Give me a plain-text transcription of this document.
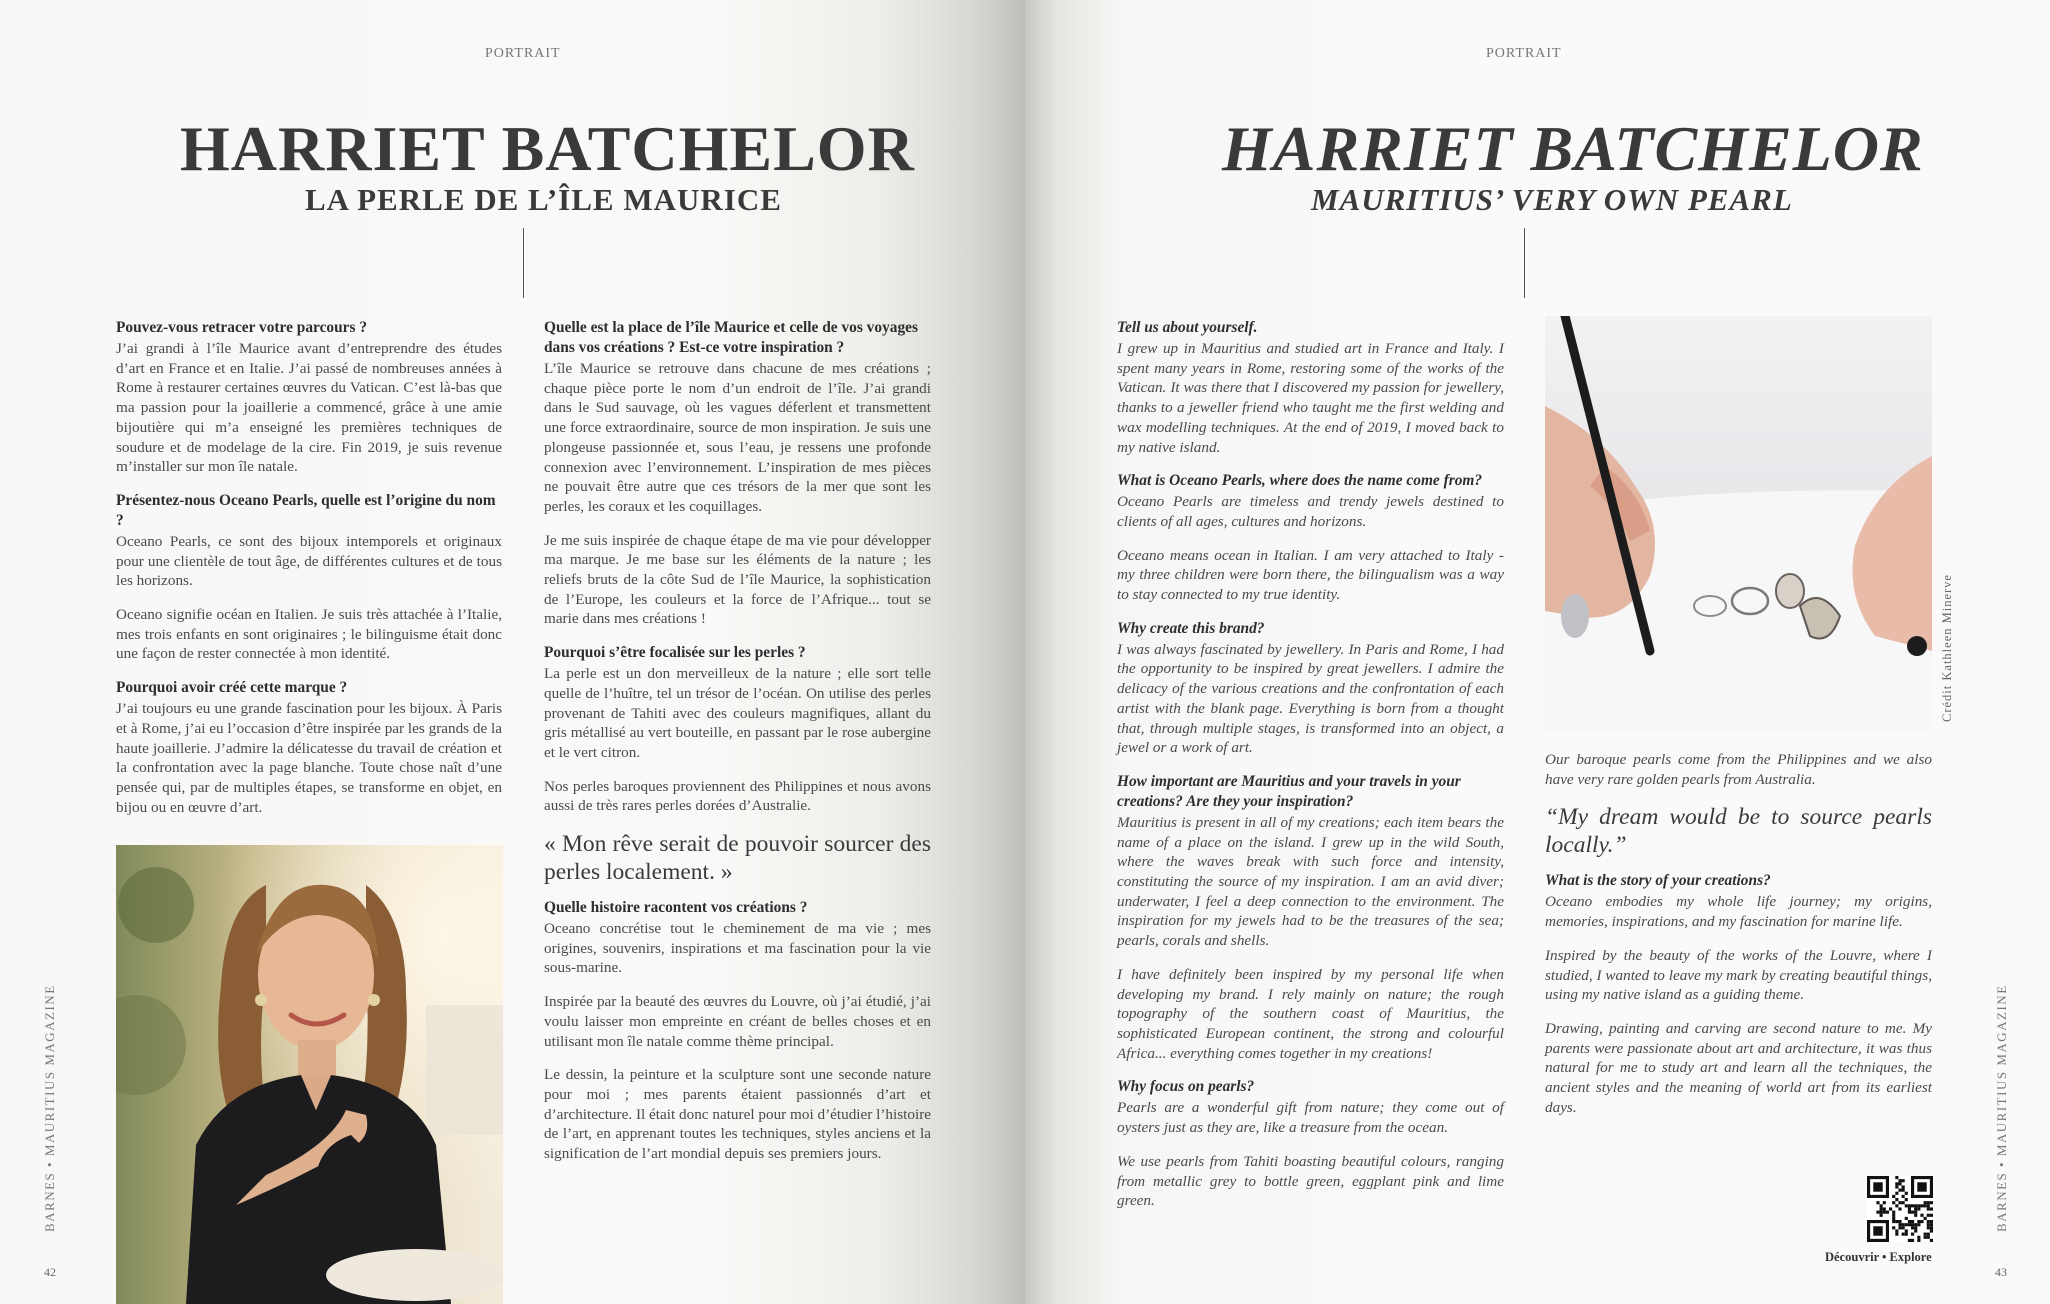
PORTRAIT
HARRIET BATCHELOR
LA PERLE DE L’ÎLE MAURICE
Pouvez-vous retracer votre parcours ?

J’ai grandi à l’île Maurice avant d’entreprendre des études d’art en France et en Italie. J’ai passé de nombreuses années à Rome à restaurer certaines œuvres du Vatican. C’est là-bas que ma passion pour la joaillerie a commencé, grâce à une amie bijoutière qui m’a enseigné les premières techniques de soudure et de modelage de la cire. Fin 2019, je suis revenue m’installer sur mon île natale.

Présentez-nous Oceano Pearls, quelle est l’origine du nom ?

Oceano Pearls, ce sont des bijoux intemporels et originaux pour une clientèle de tout âge, de différentes cultures et de tous les horizons.

Oceano signifie océan en Italien. Je suis très attachée à l’Italie, mes trois enfants en sont originaires ; le bilinguisme était donc une façon de rester connectée à mon identité.

Pourquoi avoir créé cette marque ?

J’ai toujours eu une grande fascination pour les bijoux. À Paris et à Rome, j’ai eu l’occasion d’être inspirée par les grands de la haute joaillerie. J’admire la délicatesse du travail de création et la confrontation avec la page blanche. Toute chose naît d’une pensée qui, par de multiples étapes, se transforme en objet, en bijou ou en œuvre d’art.

Quelle est la place de l’île Maurice et celle de vos voyages dans vos créations ? Est-ce votre inspiration ?

L’île Maurice se retrouve dans chacune de mes créations ; chaque pièce porte le nom d’un endroit de l’île. J’ai grandi dans le Sud sauvage, où les vagues déferlent et transmettent une force extraordinaire, source de mon inspiration. Je suis une plongeuse passionnée et, sous l’eau, je ressens une profonde connexion avec l’environnement. L’inspiration de mes pièces ne pouvait être autre que ces trésors de la mer que sont les perles, les coraux et les coquillages.

Je me suis inspirée de chaque étape de ma vie pour développer ma marque. Je me base sur les éléments de la nature ; les reliefs bruts de la côte Sud de l’île Maurice, la sophistication de l’Europe, les couleurs et la force de l’Afrique... tout se marie dans mes créations !

Pourquoi s’être focalisée sur les perles ?

La perle est un don merveilleux de la nature ; elle sort telle quelle de l’huître, tel un trésor de l’océan. On utilise des perles provenant de Tahiti avec des couleurs magnifiques, allant du gris métallisé au vert bouteille, en passant par le rose aubergine et le vert citron.

Nos perles baroques proviennent des Philippines et nous avons aussi de très rares perles dorées d’Australie.

« Mon rêve serait de pouvoir sourcer des perles localement. »

Quelle histoire racontent vos créations ?

Oceano concrétise tout le cheminement de ma vie ; mes origines, souvenirs, inspirations et ma fascination pour la vie sous-marine.

Inspirée par la beauté des œuvres du Louvre, où j’ai étudié, j’ai voulu laisser mon empreinte en créant de belles choses et en utilisant mon île natale comme thème principal.

Le dessin, la peinture et la sculpture sont une seconde nature pour moi ; mes parents étaient passionnés d’art et d’architecture. Il était donc naturel pour moi d’étudier l’histoire de l’art, en apprenant toutes les techniques, styles anciens et la signification de l’art mondial depuis ses premiers jours.

BARNES • MAURITIUS MAGAZINE
42
PORTRAIT
HARRIET BATCHELOR
MAURITIUS’ VERY OWN PEARL
Tell us about yourself.

I grew up in Mauritius and studied art in France and Italy. I spent many years in Rome, restoring some of the works of the Vatican. It was there that I discovered my passion for jewellery, thanks to a jeweller friend who taught me the first welding and wax modelling techniques. At the end of 2019, I moved back to my native island.

What is Oceano Pearls, where does the name come from?

Oceano Pearls are timeless and trendy jewels destined to clients of all ages, cultures and horizons.

Oceano means ocean in Italian. I am very attached to Italy - my three children were born there, the bilingualism was a way to stay connected to my true identity.

Why create this brand?

I was always fascinated by jewellery. In Paris and Rome, I had the opportunity to be inspired by great jewellers. I admire the delicacy of the various creations and the confrontation of each artist with the blank page. Everything is born from a thought that, through multiple stages, is transformed into an object, a jewel or a work of art.

How important are Mauritius and your travels in your creations? Are they your inspiration?

Mauritius is present in all of my creations; each item bears the name of a place on the island. I grew up in the wild South, where the waves break with such force and intensity, constituting the source of my inspiration. I am an avid diver; underwater, I feel a deep connection to the environment. The inspiration for my jewels had to be the treasures of the sea; pearls, corals and shells.

I have definitely been inspired by my personal life when developing my brand. I rely mainly on nature; the rough topography of the southern coast of Mauritius, the sophisticated European continent, the strong and colourful Africa... everything comes together in my creations!

Why focus on pearls?

Pearls are a wonderful gift from nature; they come out of oysters just as they are, like a treasure from the ocean.

We use pearls from Tahiti boasting beautiful colours, ranging from metallic grey to bottle green, eggplant pink and lime green.

Crédit Kathleen Minerve

Our baroque pearls come from the Philippines and we also have very rare golden pearls from Australia.

“My dream would be to source pearls locally.”

What is the story of your creations?

Oceano embodies my whole life journey; my origins, memories, inspirations, and my fascination for marine life.

Inspired by the beauty of the works of the Louvre, where I studied, I wanted to leave my mark by creating beautiful things, using my native island as a guiding theme.

Drawing, painting and carving are second nature to me. My parents were passionate about art and architecture, it was thus natural for me to study art and learn all the techniques, the ancient styles and the meaning of world art from its earliest days.

Découvrir • Explore
BARNES • MAURITIUS MAGAZINE
43
